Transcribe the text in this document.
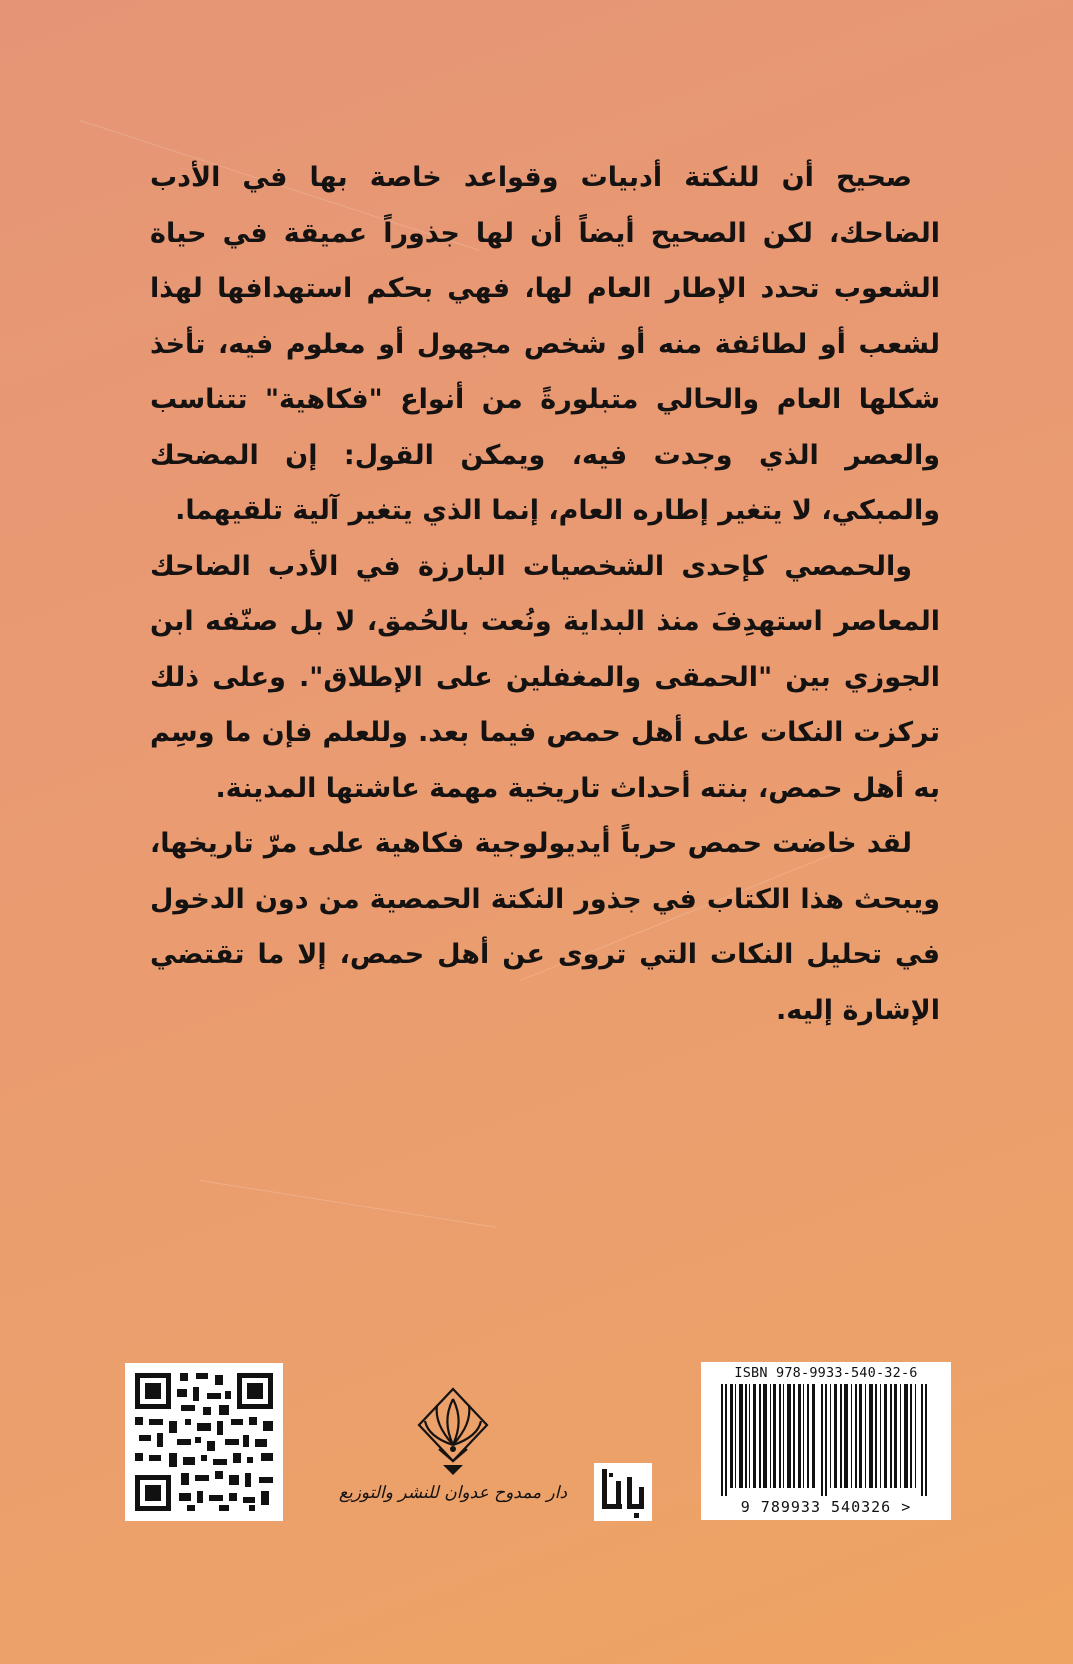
صحيح أن للنكتة أدبيات وقواعد خاصة بها في الأدب الضاحك، لكن الصحيح أيضاً أن لها جذوراً عميقة في حياة الشعوب تحدد الإطار العام لها، فهي بحكم استهدافها لهذا لشعب أو لطائفة منه أو شخص مجهول أو معلوم فيه، تأخذ شكلها العام والحالي متبلورةً من أنواع "فكاهية" تتناسب والعصر الذي وجدت فيه، ويمكن القول: إن المضحك والمبكي، لا يتغير إطاره العام، إنما الذي يتغير آلية تلقيهما.

والحمصي كإحدى الشخصيات البارزة في الأدب الضاحك المعاصر استهدِفَ منذ البداية ونُعت بالحُمق، لا بل صنّفه ابن الجوزي بين "الحمقى والمغفلين على الإطلاق". وعلى ذلك تركزت النكات على أهل حمص فيما بعد. وللعلم فإن ما وسِم به أهل حمص، بنته أحداث تاريخية مهمة عاشتها المدينة.

لقد خاضت حمص حرباً أيديولوجية فكاهية على مرّ تاريخها، ويبحث هذا الكتاب في جذور النكتة الحمصية من دون الدخول في تحليل النكات التي تروى عن أهل حمص، إلا ما تقتضي الإشارة إليه.

دار ممدوح عدوان للنشر والتوزيع
ISBN 978-9933-540-32-6
9 789933 540326 >
